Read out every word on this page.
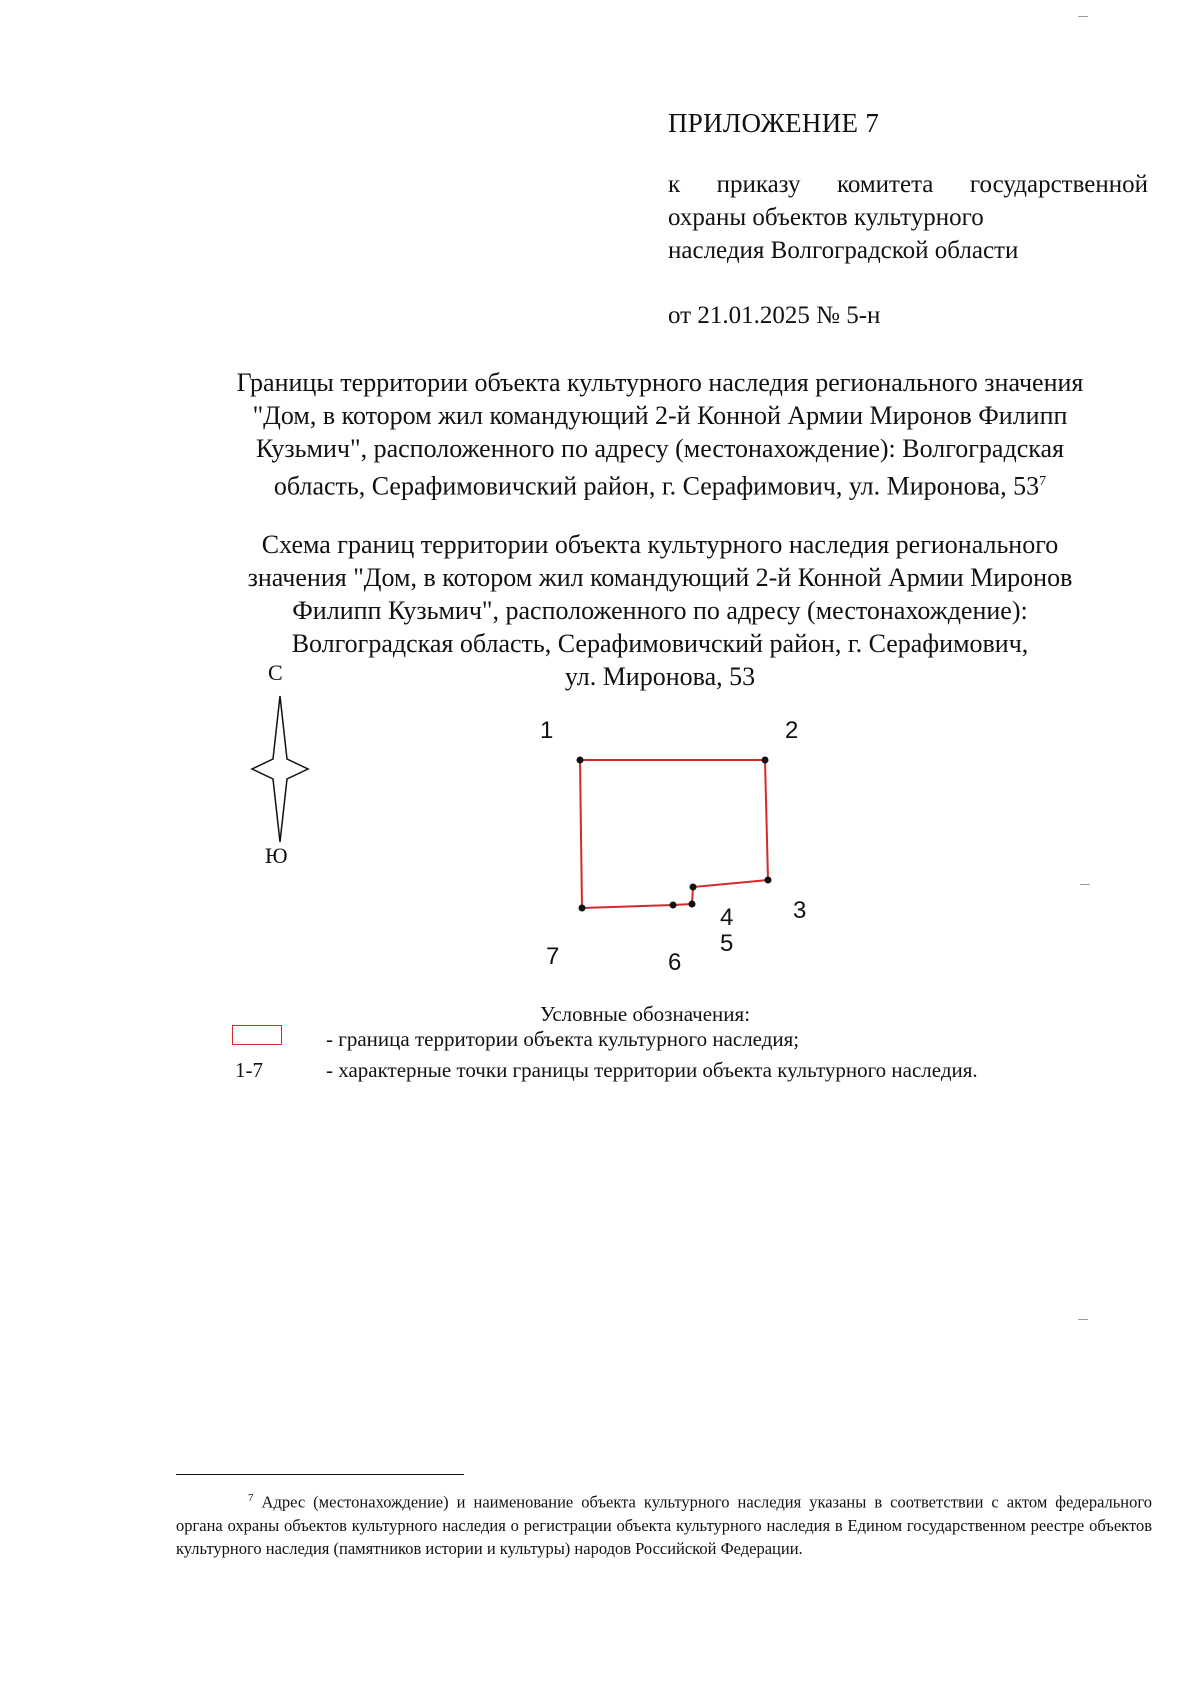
ПРИЛОЖЕНИЕ 7
к приказу комитета государственной
охраны объектов культурного
наследия Волгоградской области
от 21.01.2025 № 5-н
Границы территории объекта культурного наследия регионального значения
"Дом, в котором жил командующий 2-й Конной Армии Миронов Филипп
Кузьмич", расположенного по адресу (местонахождение): Волгоградская
область, Серафимовичский район, г. Серафимович, ул. Миронова, $53^7$
Схема границ территории объекта культурного наследия регионального
значения "Дом, в котором жил командующий 2-й Конной Армии Миронов
Филипп Кузьмич", расположенного по адресу (местонахождение):
Волгоградская область, Серафимовичский район, г. Серафимович,
ул. Миронова, 53
С
Ю
1	2
3
4
5
6
7
Условные обозначения:
- граница территории объекта культурного наследия;
1-7	- характерные точки границы территории объекта культурного наследия.
$^7$ Адрес (местонахождение) и наименование объекта культурного наследия указаны в соответствии с актом федерального органа охраны объектов культурного наследия о регистрации объекта культурного наследия в Едином государственном реестре объектов культурного наследия (памятников истории и культуры) народов Российской Федерации.
